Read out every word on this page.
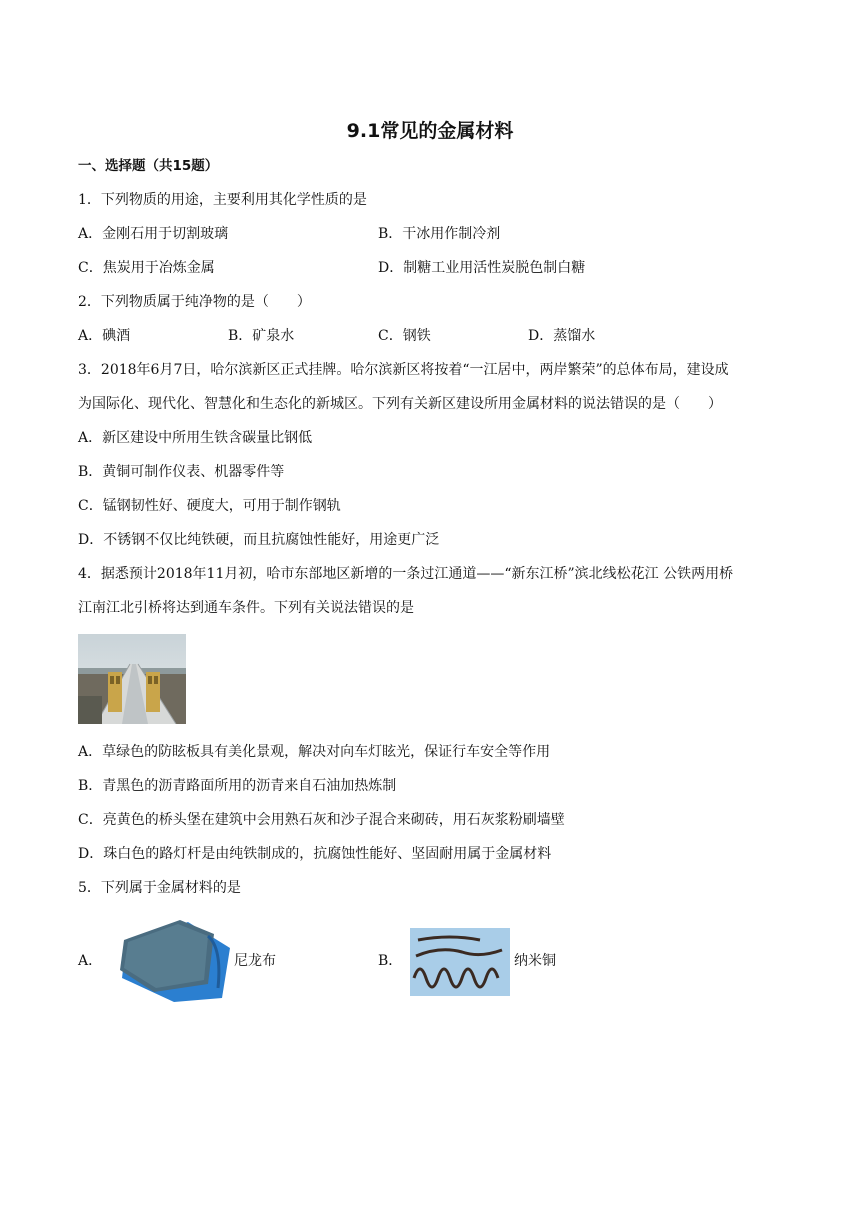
9.1常见的金属材料
一、选择题（共15题）
1．下列物质的用途，主要利用其化学性质的是
A．金刚石用于切割玻璃	B．干冰用作制冷剂
C．焦炭用于冶炼金属	D．制糖工业用活性炭脱色制白糖
2．下列物质属于纯净物的是（　　）
A．碘酒	B．矿泉水	C．钢铁	D．蒸馏水
3．2018年6月7日，哈尔滨新区正式挂牌。哈尔滨新区将按着“一江居中，两岸繁荣”的总体布局，建设成
为国际化、现代化、智慧化和生态化的新城区。下列有关新区建设所用金属材料的说法错误的是（　　）
A．新区建设中所用生铁含碳量比钢低
B．黄铜可制作仪表、机器零件等
C．锰钢韧性好、硬度大，可用于制作钢轨
D．不锈钢不仅比纯铁硬，而且抗腐蚀性能好，用途更广泛
4．据悉预计2018年11月初，哈市东部地区新增的一条过江通道——“新东江桥”滨北线松花江 公铁两用桥
江南江北引桥将达到通车条件。下列有关说法错误的是
A．草绿色的防眩板具有美化景观，解决对向车灯眩光，保证行车安全等作用
B．青黑色的沥青路面所用的沥青来自石油加热炼制
C．亮黄色的桥头堡在建筑中会用熟石灰和沙子混合来砌砖，用石灰浆粉刷墙壁
D．珠白色的路灯杆是由纯铁制成的，抗腐蚀性能好、坚固耐用属于金属材料
5．下列属于金属材料的是
A．	尼龙布	B．	纳米铜
